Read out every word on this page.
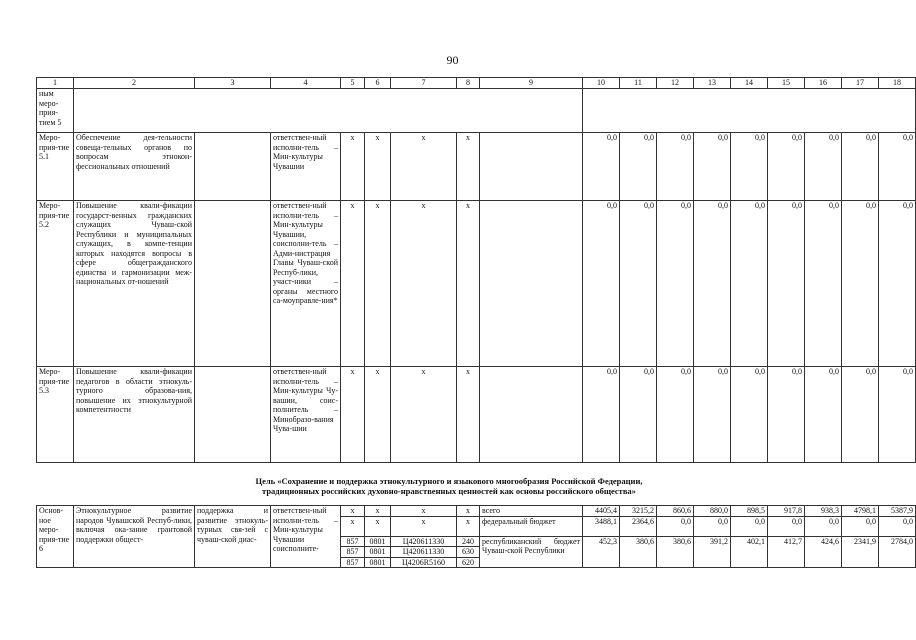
90
1	2	3	4	5	6	7	8	9	10	11	12	13	14	15	16	17	18
ным меро-прия-тием 5																	
Меро-прия-тие 5.1	Обеспечение дея-тельности совеща-тельных органов по вопросам этнокон-фессиональных отношений		ответствен-ный исполни-тель – Мин-культуры Чувашии	x	x	x	x		0,0	0,0	0,0	0,0	0,0	0,0	0,0	0,0	0,0
Меро-прия-тие 5.2	Повышение квали-фикации государст-венных гражданских служащих Чуваш-ской Республики и муниципальных служащих, в компе-тенции которых находятся вопросы в сфере общегражданского единства и гармонизации меж-национальных от-ношений		ответствен-ный исполни-тель – Мин-культуры Чувашии, соисполни-тель – Адми-нистрация Главы Чуваш-ской Респуб-лики, участ-ники – органы местного са-моуправле-ния*	x	x	x	x		0,0	0,0	0,0	0,0	0,0	0,0	0,0	0,0	0,0
Меро-прия-тие 5.3	Повышение квали-фикации педагогов в области этнокуль-турного образова-ния, повышение их этнокультурной компетентности		ответствен-ный исполни-тель – Мин-культуры Чу-вашии, соис-полнитель – Минобразо-вания Чува-шии	x	x	x	x		0,0	0,0	0,0	0,0	0,0	0,0	0,0	0,0	0,0
Цель «Сохранение и поддержка этнокультурного и языкового многообразия Российской Федерации,
традиционных российских духовно-нравственных ценностей как основы российского общества»
Основ-ное меро-прия-тие 6	Этнокультурное развитие народов Чувашской Респуб-лики, включая ока-зание грантовой поддержки общест-	поддержка и развитие этнокуль-турных свя-зей с чуваш-ской диас-	ответствен-ный исполни-тель – Мин-культуры Чувашии соисполните-	x	x	x	x	всего	4405,4	3215,2	860,6	880,0	898,5	917,8	938,3	4798,1	5387,9
				x	x	x	x	федеральный бюджет	3488,1	2364,6	0,0	0,0	0,0	0,0	0,0	0,0	0,0
				857	0801	Ц420611330	240	республиканский бюджет Чуваш-ской Республики	452,3	380,6	380,6	391,2	402,1	412,7	424,6	2341,9	2784,0
				857	0801	Ц420611330	630										
				857	0801	Ц4206R5160	620										
